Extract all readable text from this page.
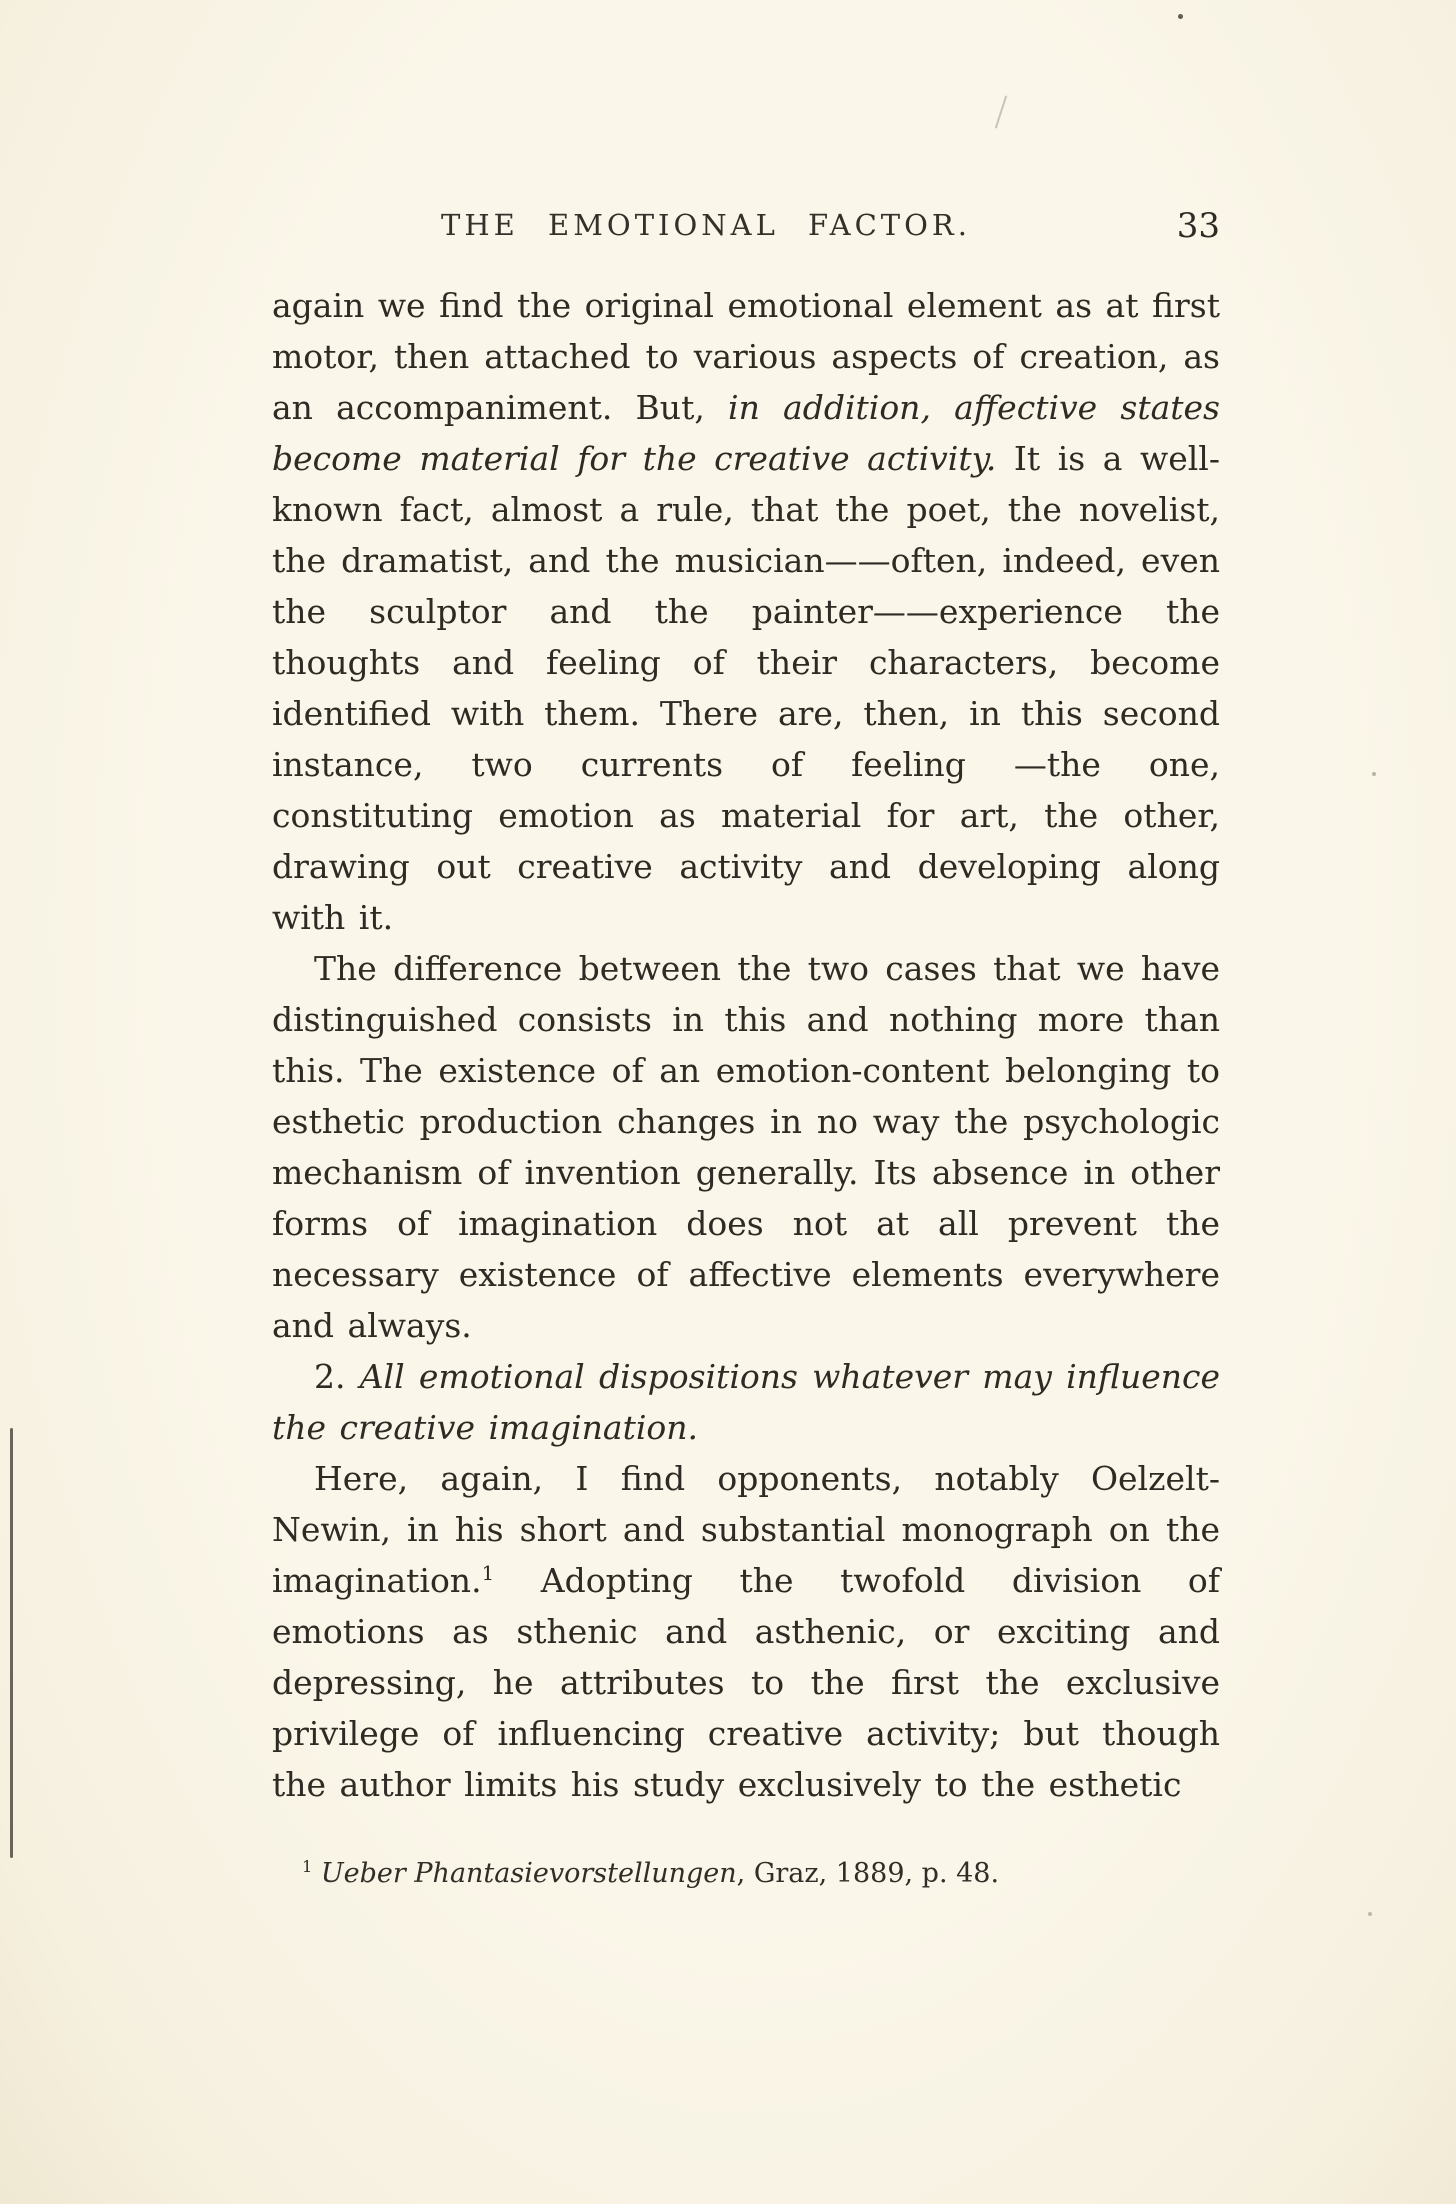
THE EMOTIONAL FACTOR.	33

again we find the original emotional element as at first motor, then attached to various aspects of creation, as an accompaniment. But, in addition, affective states become material for the creative activity. It is a well-known fact, almost a rule, that the poet, the novelist, the dramatist, and the musician——often, indeed, even the sculptor and the painter——experience the thoughts and feeling of their characters, become identified with them. There are, then, in this second instance, two currents of feeling —the one, constituting emotion as material for art, the other, drawing out creative activity and developing along with it.

The difference between the two cases that we have distinguished consists in this and nothing more than this. The existence of an emotion-content belonging to esthetic production changes in no way the psychologic mechanism of invention generally. Its absence in other forms of imagination does not at all prevent the necessary existence of affective elements everywhere and always.

2. All emotional dispositions whatever may influence the creative imagination.

Here, again, I find opponents, notably Oelzelt-Newin, in his short and substantial monograph on the imagination.$^1$ Adopting the twofold division of emotions as sthenic and asthenic, or exciting and depressing, he attributes to the first the exclusive privilege of influencing creative activity; but though the author limits his study exclusively to the esthetic

$^1$ Ueber Phantasievorstellungen, Graz, 1889, p. 48.
